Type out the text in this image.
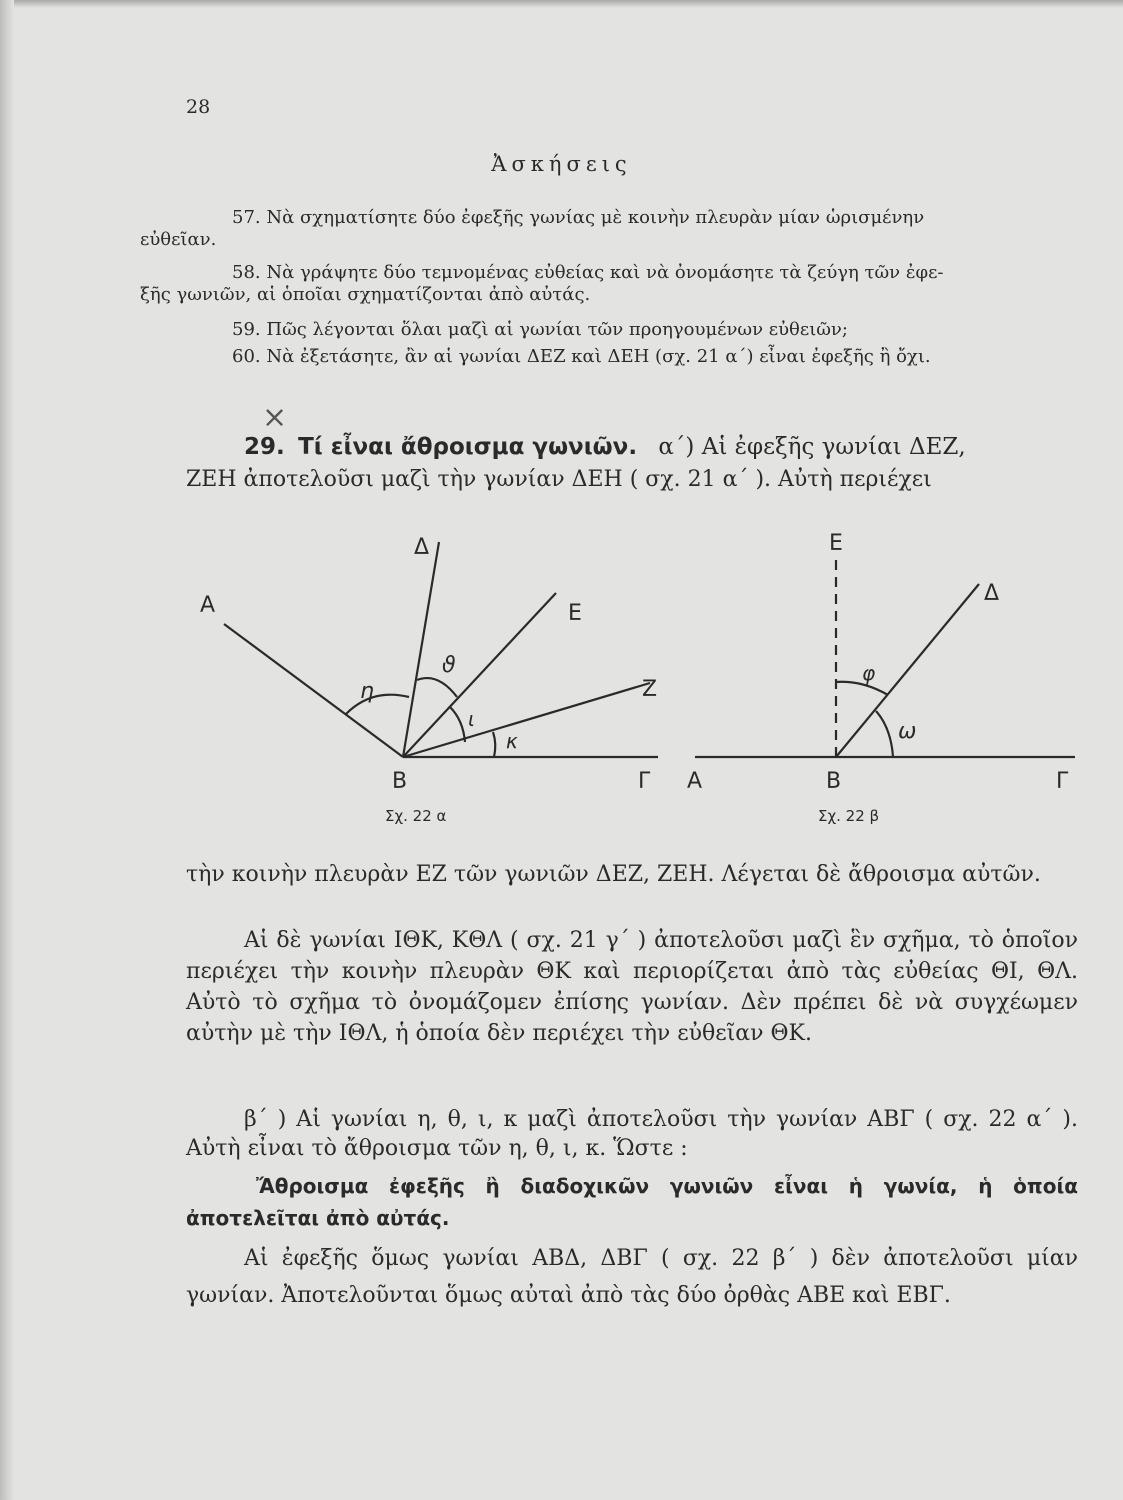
28
Ἀσκήσεις
57. Νὰ σχηματίσητε δύο ἐφεξῆς γωνίας μὲ κοινὴν πλευρὰν μίαν ὡρισμένην
εὐθεῖαν.
58. Νὰ γράψητε δύο τεμνομένας εὐθείας καὶ νὰ ὀνομάσητε τὰ ζεύγη τῶν ἐφε-
ξῆς γωνιῶν, αἱ ὁποῖαι σχηματίζονται ἀπὸ αὐτάς.
59. Πῶς λέγονται ὅλαι μαζὶ αἱ γωνίαι τῶν προηγουμένων εὐθειῶν;
60. Νὰ ἐξετάσητε, ἂν αἱ γωνίαι ΔΕΖ καὶ ΔΕΗ (σχ. 21 α΄) εἶναι ἐφεξῆς ἢ ὄχι.
×
29. Τί εἶναι ἄθροισμα γωνιῶν. α΄) Αἱ ἐφεξῆς γωνίαι ΔΕΖ,
ΖΕΗ ἀποτελοῦσι μαζὶ τὴν γωνίαν ΔΕΗ ( σχ. 21 α΄ ). Αὐτὴ περιέχει
Α
Δ
Ε
Ζ
Β	Γ
η
ϑ
ι
κ
Σχ. 22 α
Ε
Δ
Α	Β	Γ
φ
ω
Σχ. 22 β
τὴν κοινὴν πλευρὰν ΕΖ τῶν γωνιῶν ΔΕΖ, ΖΕΗ. Λέγεται δὲ ἄθροισμα αὐτῶν.
Αἱ δὲ γωνίαι ΙΘΚ, ΚΘΛ ( σχ. 21 γ΄ ) ἀποτελοῦσι μαζὶ ἓν σχῆμα, τὸ ὁποῖον περιέχει τὴν κοινὴν πλευρὰν ΘΚ καὶ περιορίζεται ἀπὸ τὰς εὐθείας ΘΙ, ΘΛ. Αὐτὸ τὸ σχῆμα τὸ ὀνομάζομεν ἐπίσης γωνίαν. Δὲν πρέπει δὲ νὰ συγχέωμεν αὐτὴν μὲ τὴν ΙΘΛ, ἡ ὁποία δὲν περιέχει τὴν εὐθεῖαν ΘΚ.
β΄ ) Αἱ γωνίαι η, θ, ι, κ μαζὶ ἀποτελοῦσι τὴν γωνίαν ΑΒΓ ( σχ. 22 α΄ ). Αὐτὴ εἶναι τὸ ἄθροισμα τῶν η, θ, ι, κ. Ὥστε :
Ἄθροισμα ἐφεξῆς ἢ διαδοχικῶν γωνιῶν εἶναι ἡ γωνία, ἡ ὁποία ἀποτελεῖται ἀπὸ αὐτάς.
Αἱ ἐφεξῆς ὅμως γωνίαι ΑΒΔ, ΔΒΓ ( σχ. 22 β΄ ) δὲν ἀποτελοῦσι μίαν γωνίαν. Ἀποτελοῦνται ὅμως αὐταὶ ἀπὸ τὰς δύο ὀρθὰς ΑΒΕ καὶ ΕΒΓ.
